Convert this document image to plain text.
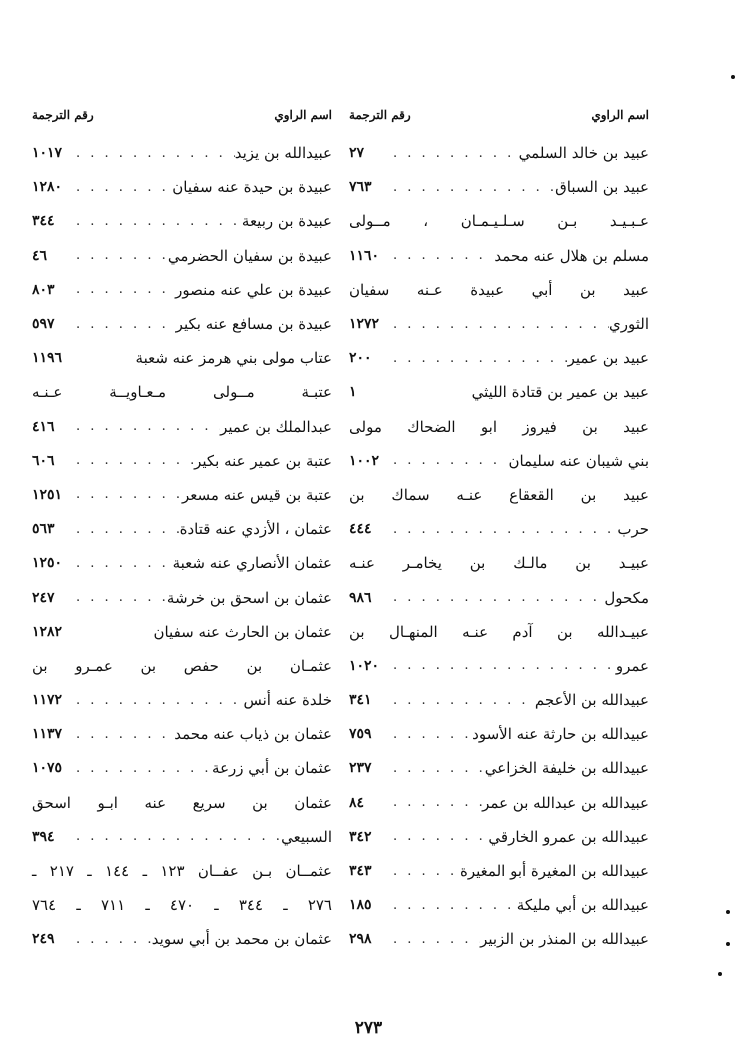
اسم الراوي
رقم الترجمة
عبيد بن خالد السلمي
. . .
٢٧
عبيد بن السباق
. . .
٧٦٣
عـبـيـد بـن سـلـيـمـان ، مــولى
مسلم بن هلال عنه محمد
. . .
١١٦٠
عبيد بن أبي عبيدة عـنه سفيان
الثوري
. . .
١٢٧٢
عبيد بن عمير
. . .
٢٠٠
عبيد بن عمير بن قتادة الليثي
١
عبيد بن فيروز ابو الضحاك مولى
بني شيبان عنه سليمان
. . .
١٠٠٢
عبيد بن القعقاع عنـه سماك بن
حرب
. . .
٤٤٤
عبيـد بن مالـك بن يخامـر عنـه
مكحول
. . .
٩٨٦
عبيـدالله بن آدم عنـه المنهـال بن
عمرو
. . .
١٠٢٠
عبيدالله بن الأعجم
. . .
٣٤١
عبيدالله بن حارثة عنه الأسود
. . .
٧٥٩
عبيدالله بن خليفة الخزاعي
. . .
٢٣٧
عبيدالله بن عبدالله بن عمر
. . .
٨٤
عبيدالله بن عمرو الخارقي
. . .
٣٤٢
عبيدالله بن المغيرة أبو المغيرة
. . .
٣٤٣
عبيدالله بن أبي مليكة
. . .
١٨٥
عبيدالله بن المنذر بن الزبير
. . .
٢٩٨
اسم الراوي
رقم الترجمة
عبيدالله بن يزيد
. . .
١٠١٧
عبيدة بن حيدة عنه سفيان
. . .
١٢٨٠
عبيدة بن ربيعة
. . .
٣٤٤
عبيدة بن سفيان الحضرمي
. . .
٤٦
عبيدة بن علي عنه منصور
. . .
٨٠٣
عبيدة بن مسافع عنه بكير
. . .
٥٩٧
عتاب مولى بني هرمز عنه شعبة
١١٩٦
عتبـة مــولى مـعـاويــة عـنـه
عبدالملك بن عمير
. . .
٤١٦
عتبة بن عمير عنه بكير
. . .
٦٠٦
عتبة بن قيس عنه مسعر
. . .
١٢٥١
عثمان ، الأزدي عنه قتادة
. . .
٥٦٣
عثمان الأنصاري عنه شعبة
. . .
١٢٥٠
عثمان بن اسحق بن خرشة
. . .
٢٤٧
عثمان بن الحارث عنه سفيان
١٢٨٢
عثمـان بن حفص بن عمـرو بن
خلدة عنه أنس
. . .
١١٧٢
عثمان بن ذياب عنه محمد
. . .
١١٣٧
عثمان بن أبي زرعة
. . .
١٠٧٥
عثمان بن سريع عنه ابـو اسحق
السبيعي
. . .
٣٩٤
عثمــان بـن عفــان ١٢٣ ـ ١٤٤ ـ ٢١٧ ـ
٢٧٦ ـ ٣٤٤ ـ ٤٧٠ ـ ٧١١ ـ ٧٦٤
عثمان بن محمد بن أبي سويد
. . .
٢٤٩
٢٧٣
